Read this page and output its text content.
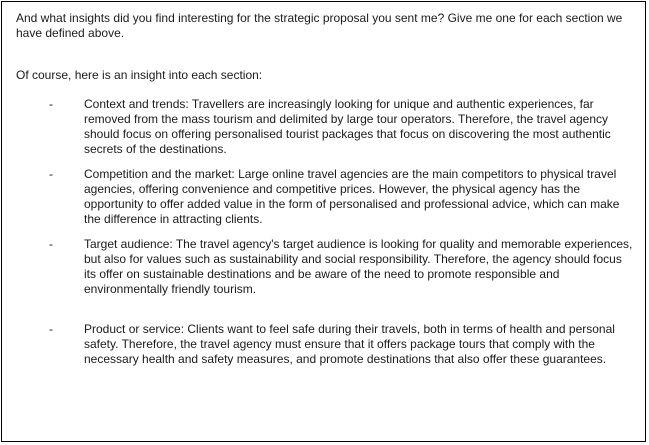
And what insights did you find interesting for the strategic proposal you sent me? Give me one for each section we have defined above.

Of course, here is an insight into each section:

-	Context and trends: Travellers are increasingly looking for unique and authentic experiences, far removed from the mass tourism and delimited by large tour operators. Therefore, the travel agency should focus on offering personalised tourist packages that focus on discovering the most authentic secrets of the destinations.

-	Competition and the market: Large online travel agencies are the main competitors to physical travel agencies, offering convenience and competitive prices. However, the physical agency has the opportunity to offer added value in the form of personalised and professional advice, which can make the difference in attracting clients.

-	Target audience: The travel agency's target audience is looking for quality and memorable experiences, but also for values such as sustainability and social responsibility. Therefore, the agency should focus its offer on sustainable destinations and be aware of the need to promote responsible and environmentally friendly tourism.

-	Product or service: Clients want to feel safe during their travels, both in terms of health and personal safety. Therefore, the travel agency must ensure that it offers package tours that comply with the necessary health and safety measures, and promote destinations that also offer these guarantees.
